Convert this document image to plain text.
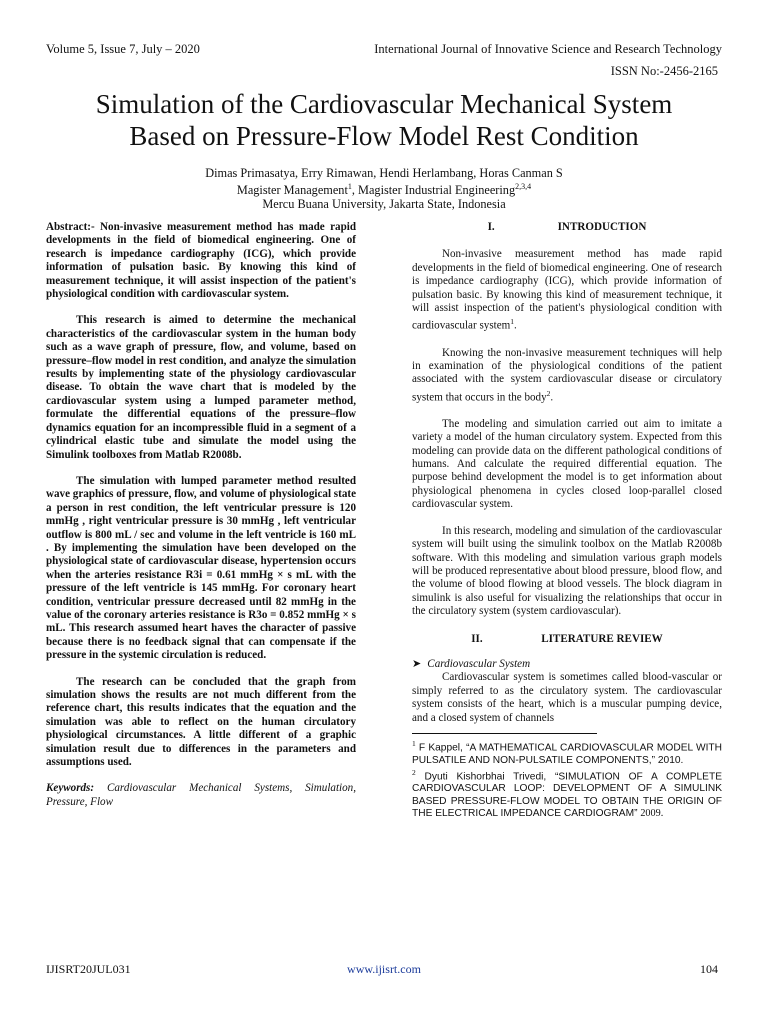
Volume 5, Issue 7, July – 2020	International Journal of Innovative Science and Research Technology
ISSN No:-2456-2165
Simulation of the Cardiovascular Mechanical System
Based on Pressure-Flow Model Rest Condition
Dimas Primasatya, Erry Rimawan, Hendi Herlambang, Horas Canman S
Magister Management$^1$, Magister Industrial Engineering$^{2,3,4}$
Mercu Buana University, Jakarta State, Indonesia

Abstract:- Non-invasive measurement method has made rapid developments in the field of biomedical engineering. One of research is impedance cardiography (ICG), which provide information of pulsation basic. By knowing this kind of measurement technique, it will assist inspection of the patient's physiological condition with cardiovascular system.

This research is aimed to determine the mechanical characteristics of the cardiovascular system in the human body such as a wave graph of pressure, flow, and volume, based on pressure–flow model in rest condition, and analyze the simulation results by implementing state of the physiology cardiovascular disease. To obtain the wave chart that is modeled by the cardiovascular system using a lumped parameter method, formulate the differential equations of the pressure–flow dynamics equation for an incompressible fluid in a segment of a cylindrical elastic tube and simulate the model using the Simulink toolboxes from Matlab R2008b.

The simulation with lumped parameter method resulted wave graphics of pressure, flow, and volume of physiological state a person in rest condition, the left ventricular pressure is 120 mmHg , right ventricular pressure is 30 mmHg , left ventricular outflow is 800 mL / sec and volume in the left ventricle is 160 mL . By implementing the simulation have been developed on the physiological state of cardiovascular disease, hypertension occurs when the arteries resistance R3i = 0.61 mmHg × s mL with the pressure of the left ventricle is 145 mmHg. For coronary heart condition, ventricular pressure decreased until 82 mmHg in the value of the coronary arteries resistance is R3o = 0.852 mmHg × s mL. This research assumed heart haves the character of passive because there is no feedback signal that can compensate if the pressure in the systemic circulation is reduced.

The research can be concluded that the graph from simulation shows the results are not much different from the reference chart, this results indicates that the equation and the simulation was able to reflect on the human circulatory physiological circumstances. A little different of a graphic simulation result due to differences in the parameters and assumptions used.

Keywords: Cardiovascular Mechanical Systems, Simulation, Pressure, Flow

I.	INTRODUCTION

Non-invasive measurement method has made rapid developments in the field of biomedical engineering. One of research is impedance cardiography (ICG), which provide information of pulsation basic. By knowing this kind of measurement technique, it will assist inspection of the patient's physiological condition with cardiovascular system$^1$.

Knowing the non-invasive measurement techniques will help in examination of the physiological conditions of the patient associated with the system cardiovascular disease or circulatory system that occurs in the body$^2$.

The modeling and simulation carried out aim to imitate a variety a model of the human circulatory system. Expected from this modeling can provide data on the different pathological conditions of humans. And calculate the required differential equation. The purpose behind development the model is to get information about physiological phenomena in cycles closed loop-parallel closed cardiovascular system.

In this research, modeling and simulation of the cardiovascular system will built using the simulink toolbox on the Matlab R2008b software. With this modeling and simulation various graph models will be produced representative about blood pressure, blood flow, and the volume of blood flowing at blood vessels. The block diagram in simulink is also useful for visualizing the relationships that occur in the circulatory system (system cardiovascular).

II.	LITERATURE REVIEW

➤ Cardiovascular System

Cardiovascular system is sometimes called blood-vascular or simply referred to as the circulatory system. The cardiovascular system consists of the heart, which is a muscular pumping device, and a closed system of channels

$^1$ F Kappel, “A MATHEMATICAL CARDIOVASCULAR MODEL WITH PULSATILE AND NON-PULSATILE COMPONENTS,” 2010.

$^2$ Dyuti Kishorbhai Trivedi, “SIMULATION OF A COMPLETE CARDIOVASCULAR LOOP: DEVELOPMENT OF A SIMULINK BASED PRESSURE-FLOW MODEL TO OBTAIN THE ORIGIN OF THE ELECTRICAL IMPEDANCE CARDIOGRAM” 2009.

IJISRT20JUL031	www.ijisrt.com	104
